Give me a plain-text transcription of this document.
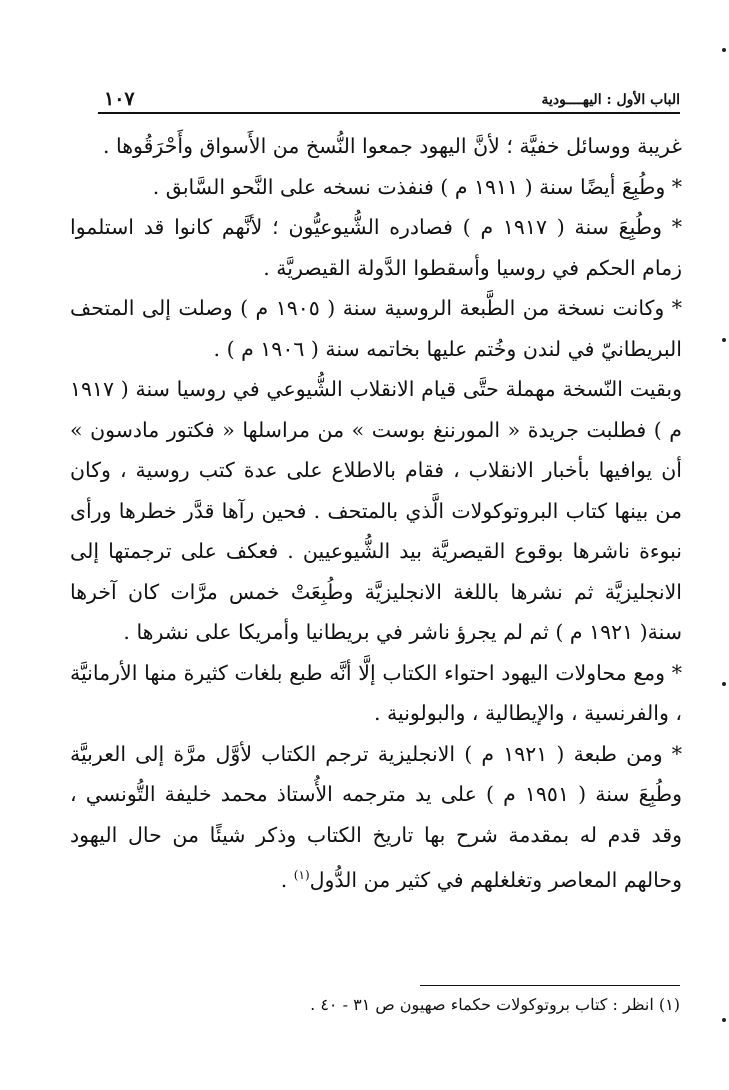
الباب الأول : اليهــــودية
١٠٧

غريبة ووسائل خفيَّة ؛ لأنَّ اليهود جمعوا النُّسخ من الأَسواق وأَحْرَقُوها .

* وطُبِعَ أيضًا سنة ( ١٩١١ م ) فنفذت نسخه على النَّحو السَّابق .

* وطُبِعَ سنة ( ١٩١٧ م ) فصادره الشُّيوعيُّون ؛ لأنَّهم كانوا قد استلموا زمام الحكم في روسيا وأسقطوا الدَّولة القيصريَّة .

* وكانت نسخة من الطَّبعة الروسية سنة ( ١٩٠٥ م ) وصلت إلى المتحف البريطانيّ في لندن وخُتم عليها بخاتمه سنة ( ١٩٠٦ م ) .

وبقيت النّسخة مهملة حتَّى قيام الانقلاب الشُّيوعي في روسيا سنة ( ١٩١٧ م ) فطلبت جريدة « المورننغ بوست » من مراسلها « فكتور مادسون » أن يوافيها بأخبار الانقلاب ، فقام بالاطلاع على عدة كتب روسية ، وكان من بينها كتاب البروتوكولات الَّذي بالمتحف . فحين رآها قدَّر خطرها ورأى نبوءة ناشرها بوقوع القيصريَّة بيد الشُّيوعيين . فعكف على ترجمتها إلى الانجليزيَّة ثم نشرها باللغة الانجليزيَّة وطُبِعَتْ خمس مرَّات كان آخرها سنة( ١٩٢١ م ) ثم لم يجرؤ ناشر في بريطانيا وأمريكا على نشرها .

* ومع محاولات اليهود احتواء الكتاب إلَّا أنَّه طبع بلغات كثيرة منها الأرمانيَّة ، والفرنسية ، والإيطالية ، والبولونية .

* ومن طبعة ( ١٩٢١ م ) الانجليزية ترجم الكتاب لأوَّل مرَّة إلى العربيَّة وطُبِعَ سنة ( ١٩٥١ م ) على يد مترجمه الأُستاذ محمد خليفة التُّونسي ، وقد قدم له بمقدمة شرح بها تاريخ الكتاب وذكر شيئًا من حال اليهود وحالهم المعاصر وتغلغلهم في كثير من الدُّول$^{(١)}$ .

(١) انظر : كتاب بروتوكولات حكماء صهيون ص ٣١ - ٤٠ .
